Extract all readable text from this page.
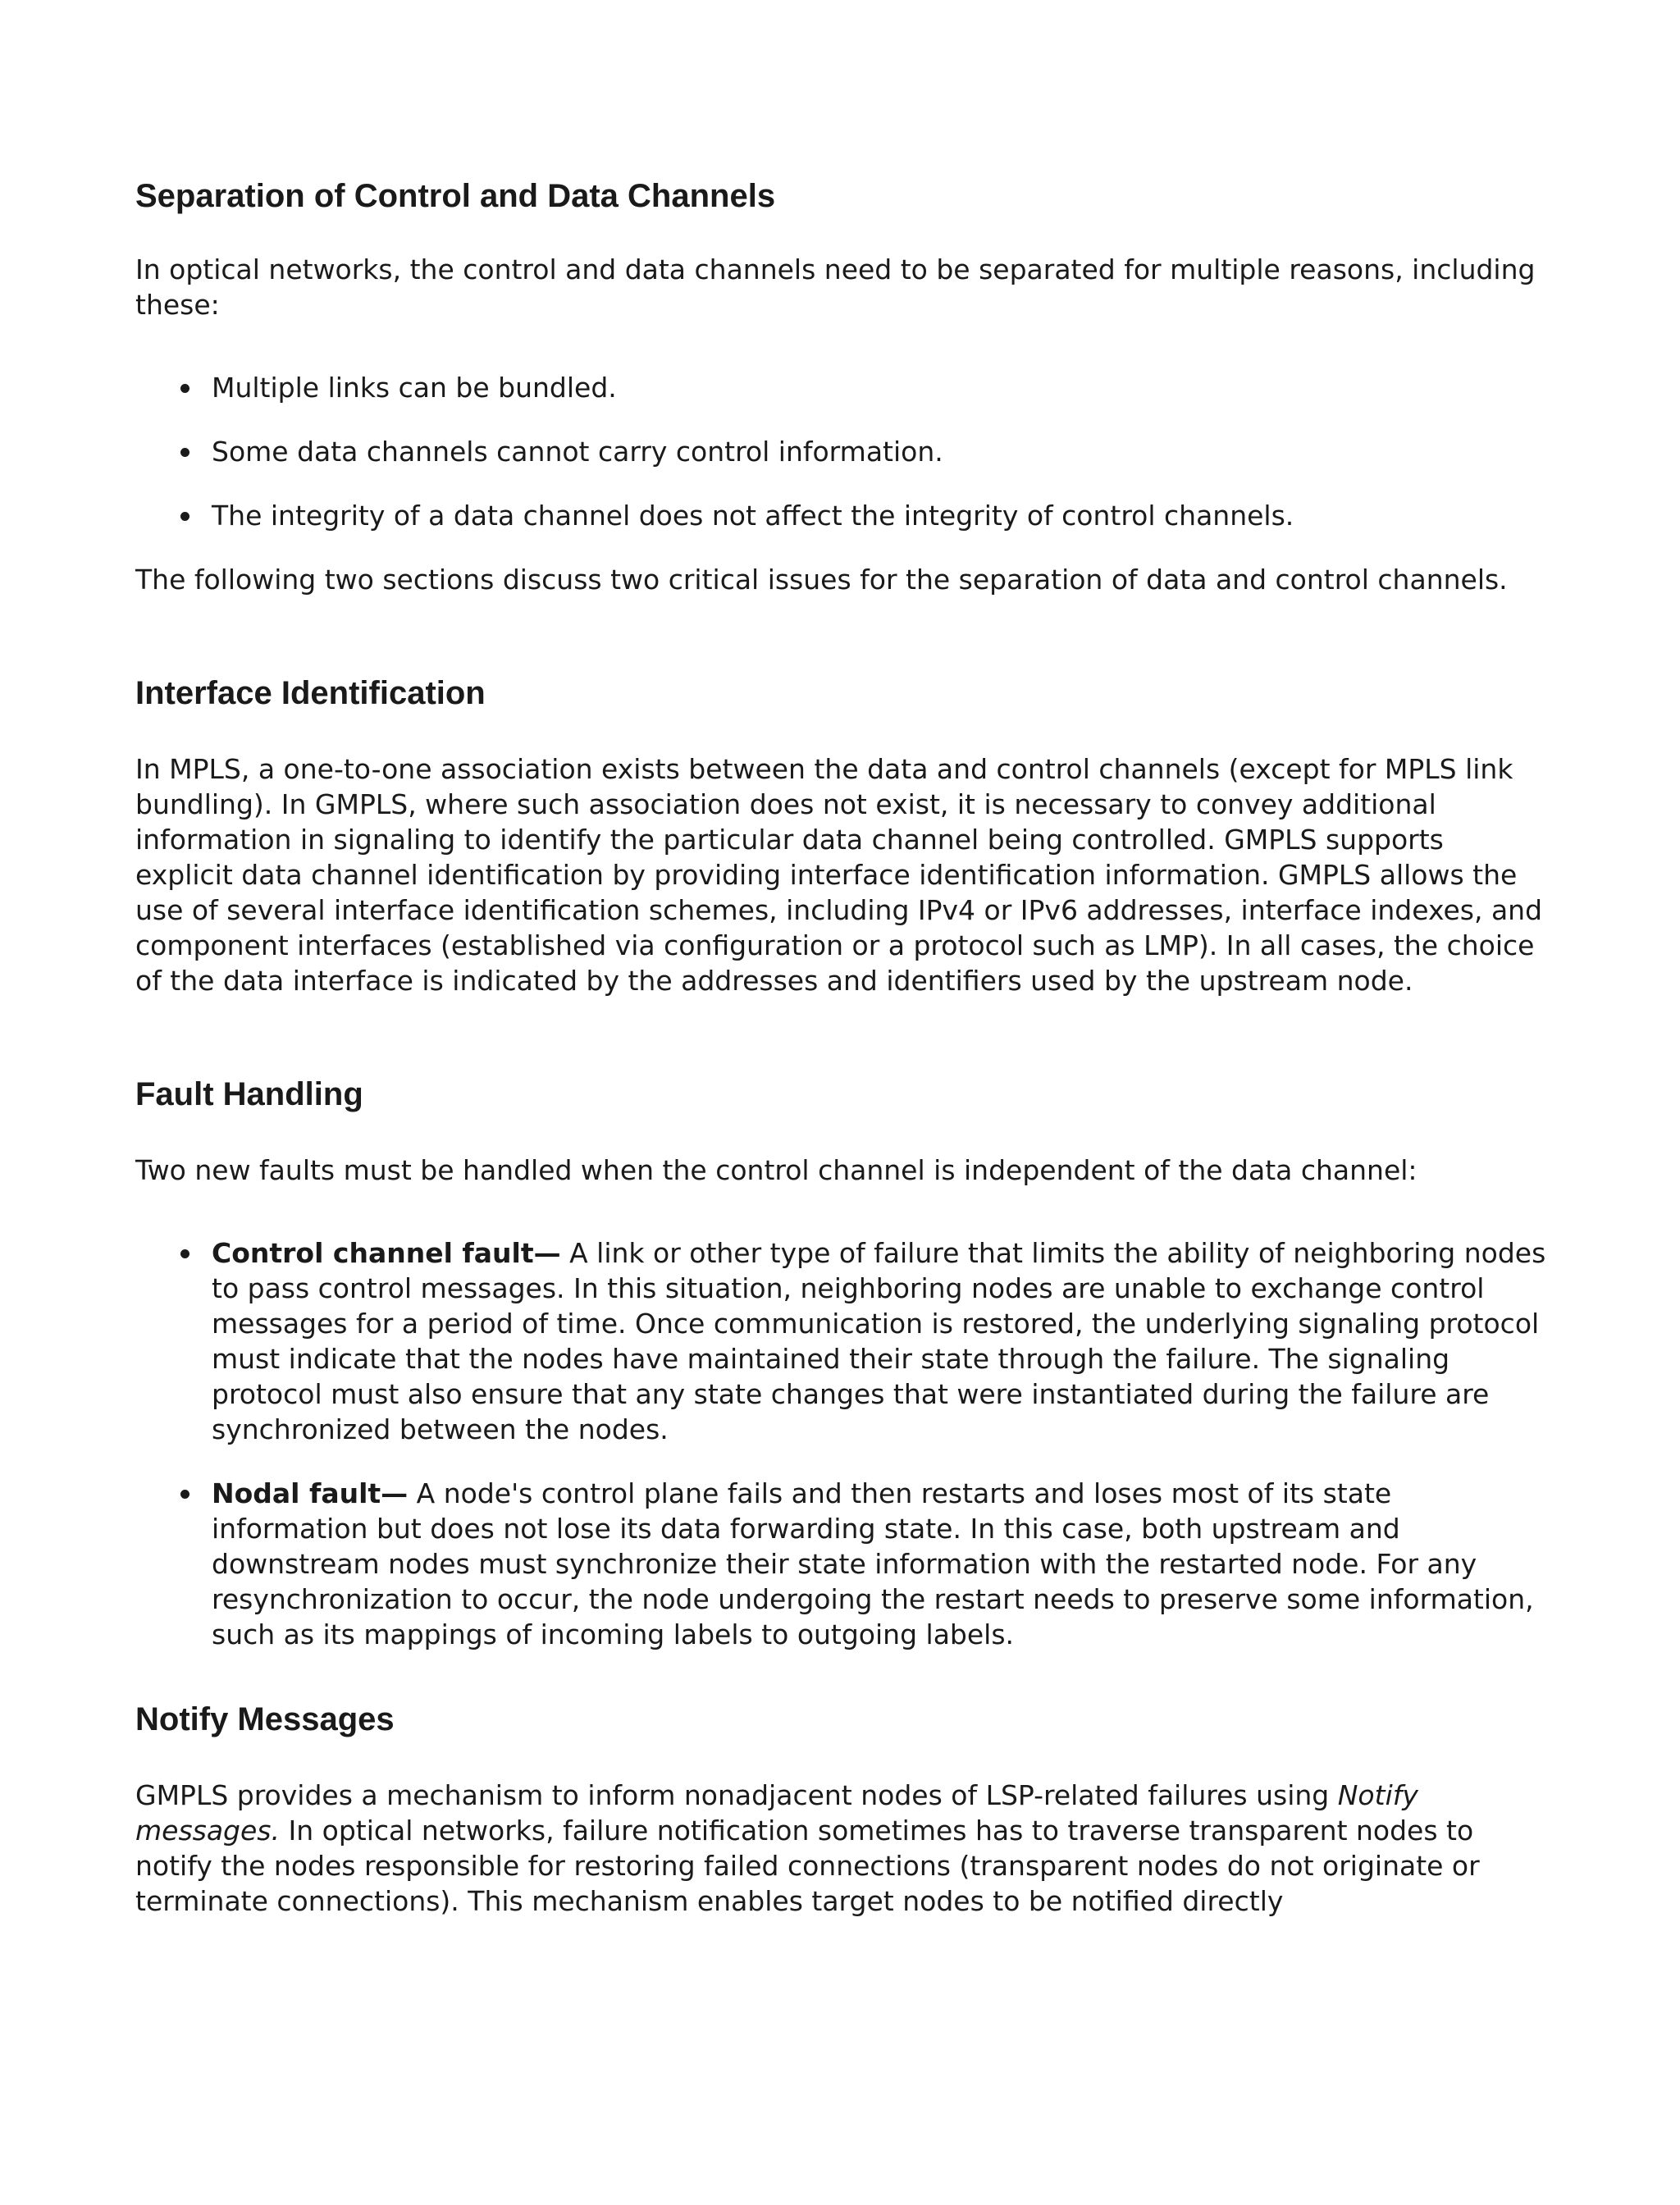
Separation of Control and Data Channels

In optical networks, the control and data channels need to be separated for multiple reasons, including these:

Multiple links can be bundled.
Some data channels cannot carry control information.
The integrity of a data channel does not affect the integrity of control channels.

The following two sections discuss two critical issues for the separation of data and control channels.

Interface Identification

In MPLS, a one-to-one association exists between the data and control channels (except for MPLS link bundling). In GMPLS, where such association does not exist, it is necessary to convey additional information in signaling to identify the particular data channel being controlled. GMPLS supports explicit data channel identification by providing interface identification information. GMPLS allows the use of several interface identification schemes, including IPv4 or IPv6 addresses, interface indexes, and component interfaces (established via configuration or a protocol such as LMP). In all cases, the choice of the data interface is indicated by the addresses and identifiers used by the upstream node.

Fault Handling

Two new faults must be handled when the control channel is independent of the data channel:

Control channel fault— A link or other type of failure that limits the ability of neighboring nodes to pass control messages. In this situation, neighboring nodes are unable to exchange control messages for a period of time. Once communication is restored, the underlying signaling protocol must indicate that the nodes have maintained their state through the failure. The signaling protocol must also ensure that any state changes that were instantiated during the failure are synchronized between the nodes.
Nodal fault— A node's control plane fails and then restarts and loses most of its state information but does not lose its data forwarding state. In this case, both upstream and downstream nodes must synchronize their state information with the restarted node. For any resynchronization to occur, the node undergoing the restart needs to preserve some information, such as its mappings of incoming labels to outgoing labels.
Notify Messages

GMPLS provides a mechanism to inform nonadjacent nodes of LSP-related failures using Notify messages. In optical networks, failure notification sometimes has to traverse transparent nodes to notify the nodes responsible for restoring failed connections (transparent nodes do not originate or terminate connections). This mechanism enables target nodes to be notified directly
